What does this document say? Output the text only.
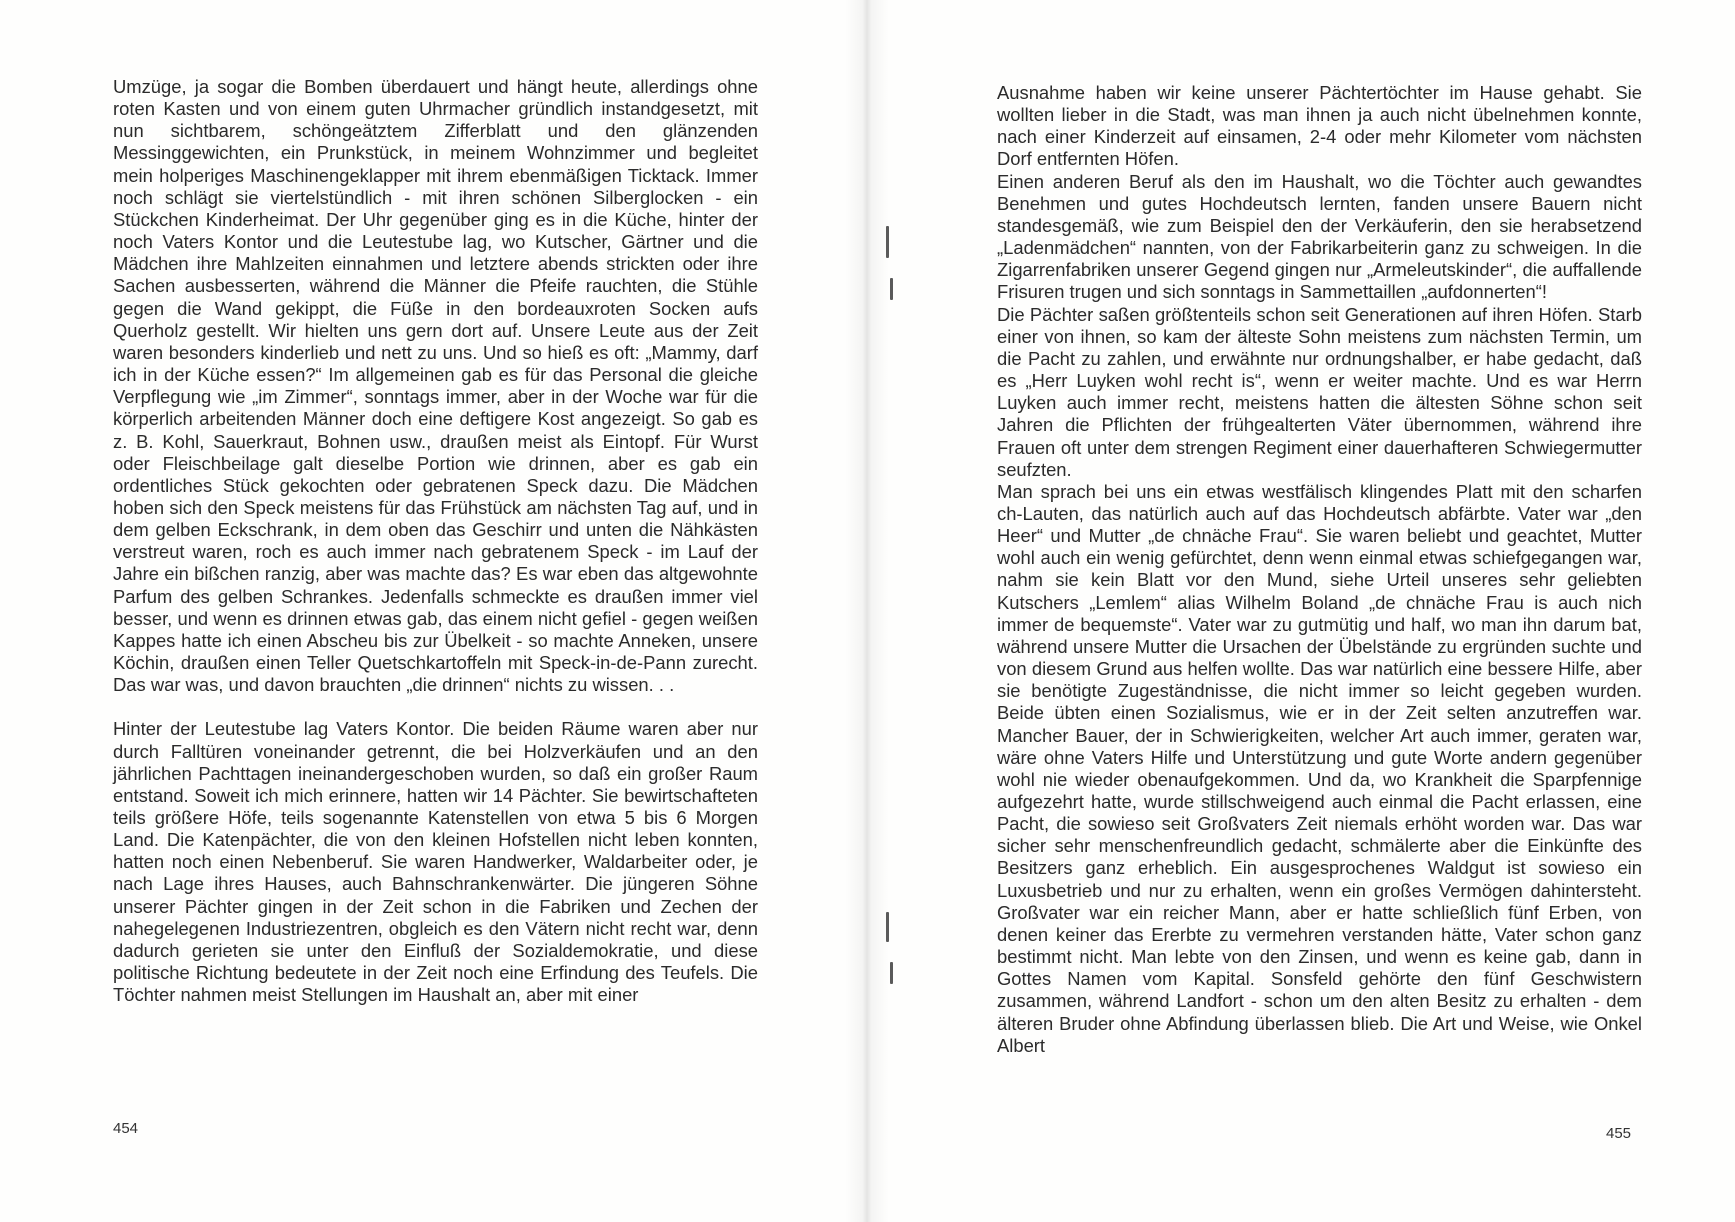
Umzüge, ja sogar die Bomben überdauert und hängt heute, allerdings ohne roten Kasten und von einem guten Uhrmacher gründlich instandgesetzt, mit nun sichtbarem, schöngeätztem Zifferblatt und den glänzenden Messinggewichten, ein Prunkstück, in meinem Wohnzimmer und begleitet mein holperiges Maschinengeklapper mit ihrem ebenmäßigen Ticktack. Immer noch schlägt sie viertelstündlich - mit ihren schönen Silberglocken - ein Stückchen Kinderheimat. Der Uhr gegenüber ging es in die Küche, hinter der noch Vaters Kontor und die Leutestube lag, wo Kutscher, Gärtner und die Mädchen ihre Mahlzeiten einnahmen und letztere abends strickten oder ihre Sachen ausbesserten, während die Männer die Pfeife rauchten, die Stühle gegen die Wand gekippt, die Füße in den bordeauxroten Socken aufs Querholz gestellt. Wir hielten uns gern dort auf. Unsere Leute aus der Zeit waren besonders kinderlieb und nett zu uns. Und so hieß es oft: „Mammy, darf ich in der Küche essen?“ Im allgemeinen gab es für das Personal die gleiche Verpflegung wie „im Zimmer“, sonntags immer, aber in der Woche war für die körperlich arbeitenden Männer doch eine deftigere Kost angezeigt. So gab es z. B. Kohl, Sauerkraut, Bohnen usw., draußen meist als Eintopf. Für Wurst oder Fleischbeilage galt dieselbe Portion wie drinnen, aber es gab ein ordentliches Stück gekochten oder gebratenen Speck dazu. Die Mädchen hoben sich den Speck meistens für das Frühstück am nächsten Tag auf, und in dem gelben Eckschrank, in dem oben das Geschirr und unten die Nähkästen verstreut waren, roch es auch immer nach gebratenem Speck - im Lauf der Jahre ein bißchen ranzig, aber was machte das? Es war eben das altgewohnte Parfum des gelben Schrankes. Jedenfalls schmeckte es draußen immer viel besser, und wenn es drinnen etwas gab, das einem nicht gefiel - gegen weißen Kappes hatte ich einen Abscheu bis zur Übelkeit - so machte Anneken, unsere Köchin, draußen einen Teller Quetschkartoffeln mit Speck-in-de-Pann zurecht. Das war was, und davon brauchten „die drinnen“ nichts zu wissen. . .

Hinter der Leutestube lag Vaters Kontor. Die beiden Räume waren aber nur durch Falltüren voneinander getrennt, die bei Holzverkäufen und an den jährlichen Pachttagen ineinandergeschoben wurden, so daß ein großer Raum entstand. Soweit ich mich erinnere, hatten wir 14 Pächter. Sie bewirtschafteten teils größere Höfe, teils sogenannte Katenstellen von etwa 5 bis 6 Morgen Land. Die Katenpächter, die von den kleinen Hofstellen nicht leben konnten, hatten noch einen Nebenberuf. Sie waren Handwerker, Waldarbeiter oder, je nach Lage ihres Hauses, auch Bahnschrankenwärter. Die jüngeren Söhne unserer Pächter gingen in der Zeit schon in die Fabriken und Zechen der nahegelegenen Industriezentren, obgleich es den Vätern nicht recht war, denn dadurch gerieten sie unter den Einfluß der Sozialdemokratie, und diese politische Richtung bedeutete in der Zeit noch eine Erfindung des Teufels. Die Töchter nahmen meist Stellungen im Haushalt an, aber mit einer

454

Ausnahme haben wir keine unserer Pächtertöchter im Hause gehabt. Sie wollten lieber in die Stadt, was man ihnen ja auch nicht übelnehmen konnte, nach einer Kinderzeit auf einsamen, 2-4 oder mehr Kilometer vom nächsten Dorf entfernten Höfen.

Einen anderen Beruf als den im Haushalt, wo die Töchter auch gewandtes Benehmen und gutes Hochdeutsch lernten, fanden unsere Bauern nicht standesgemäß, wie zum Beispiel den der Verkäuferin, den sie herabsetzend „Ladenmädchen“ nannten, von der Fabrikarbeiterin ganz zu schweigen. In die Zigarrenfabriken unserer Gegend gingen nur „Armeleutskinder“, die auffallende Frisuren trugen und sich sonntags in Sammettaillen „aufdonnerten“!

Die Pächter saßen größtenteils schon seit Generationen auf ihren Höfen. Starb einer von ihnen, so kam der älteste Sohn meistens zum nächsten Termin, um die Pacht zu zahlen, und erwähnte nur ordnungshalber, er habe gedacht, daß es „Herr Luyken wohl recht is“, wenn er weiter machte. Und es war Herrn Luyken auch immer recht, meistens hatten die ältesten Söhne schon seit Jahren die Pflichten der frühgealterten Väter übernommen, während ihre Frauen oft unter dem strengen Regiment einer dauerhafteren Schwiegermutter seufzten.

Man sprach bei uns ein etwas westfälisch klingendes Platt mit den scharfen ch-Lauten, das natürlich auch auf das Hochdeutsch abfärbte. Vater war „den Heer“ und Mutter „de chnäche Frau“. Sie waren beliebt und geachtet, Mutter wohl auch ein wenig gefürchtet, denn wenn einmal etwas schiefgegangen war, nahm sie kein Blatt vor den Mund, siehe Urteil unseres sehr geliebten Kutschers „Lemlem“ alias Wilhelm Boland „de chnäche Frau is auch nich immer de bequemste“. Vater war zu gutmütig und half, wo man ihn darum bat, während unsere Mutter die Ursachen der Übelstände zu ergründen suchte und von diesem Grund aus helfen wollte. Das war natürlich eine bessere Hilfe, aber sie benötigte Zugeständnisse, die nicht immer so leicht gegeben wurden. Beide übten einen Sozialismus, wie er in der Zeit selten anzutreffen war. Mancher Bauer, der in Schwierigkeiten, welcher Art auch immer, geraten war, wäre ohne Vaters Hilfe und Unterstützung und gute Worte andern gegenüber wohl nie wieder obenaufgekommen. Und da, wo Krankheit die Sparpfennige aufgezehrt hatte, wurde stillschweigend auch einmal die Pacht erlassen, eine Pacht, die sowieso seit Großvaters Zeit niemals erhöht worden war. Das war sicher sehr menschenfreundlich gedacht, schmälerte aber die Einkünfte des Besitzers ganz erheblich. Ein ausgesprochenes Waldgut ist sowieso ein Luxusbetrieb und nur zu erhalten, wenn ein großes Vermögen dahintersteht. Großvater war ein reicher Mann, aber er hatte schließlich fünf Erben, von denen keiner das Ererbte zu vermehren verstanden hätte, Vater schon ganz bestimmt nicht. Man lebte von den Zinsen, und wenn es keine gab, dann in Gottes Namen vom Kapital. Sonsfeld gehörte den fünf Geschwistern zusammen, während Landfort - schon um den alten Besitz zu erhalten - dem älteren Bruder ohne Abfindung überlassen blieb. Die Art und Weise, wie Onkel Albert

455
